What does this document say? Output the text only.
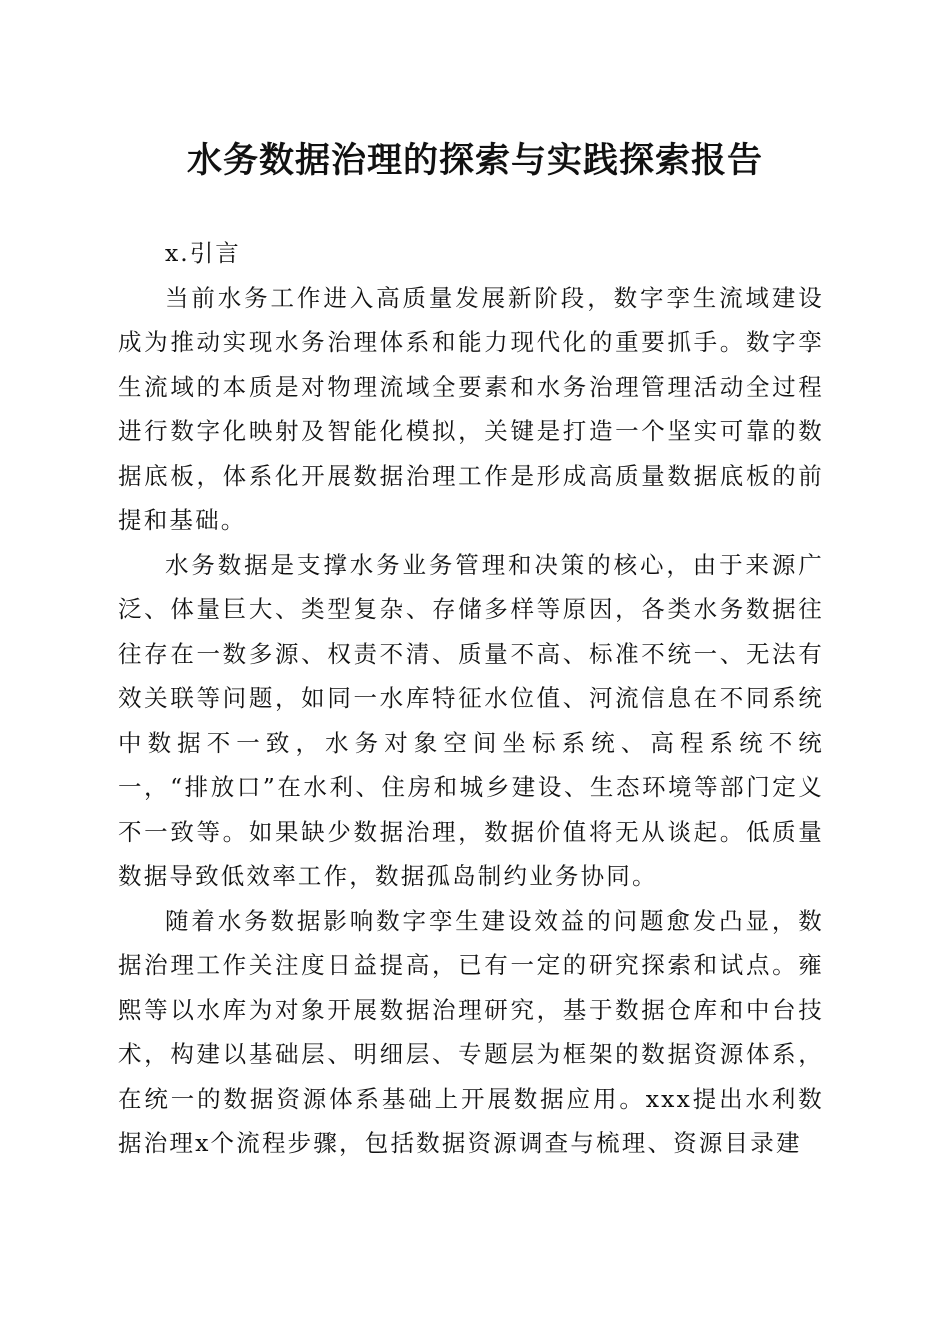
水务数据治理的探索与实践探索报告

x.引言

当前水务工作进入高质量发展新阶段，数字孪生流域建设成为推动实现水务治理体系和能力现代化的重要抓手。数字孪生流域的本质是对物理流域全要素和水务治理管理活动全过程进行数字化映射及智能化模拟，关键是打造一个坚实可靠的数据底板，体系化开展数据治理工作是形成高质量数据底板的前提和基础。

水务数据是支撑水务业务管理和决策的核心，由于来源广泛、体量巨大、类型复杂、存储多样等原因，各类水务数据往往存在一数多源、权责不清、质量不高、标准不统一、无法有效关联等问题，如同一水库特征水位值、河流信息在不同系统中数据不一致，水务对象空间坐标系统、高程系统不统一，“排放口”在水利、住房和城乡建设、生态环境等部门定义不一致等。如果缺少数据治理，数据价值将无从谈起。低质量数据导致低效率工作，数据孤岛制约业务协同。

随着水务数据影响数字孪生建设效益的问题愈发凸显，数据治理工作关注度日益提高，已有一定的研究探索和试点。雍熙等以水库为对象开展数据治理研究，基于数据仓库和中台技术，构建以基础层、明细层、专题层为框架的数据资源体系，在统一的数据资源体系基础上开展数据应用。xxx提出水利数据治理x个流程步骤，包括数据资源调查与梳理、资源目录建
